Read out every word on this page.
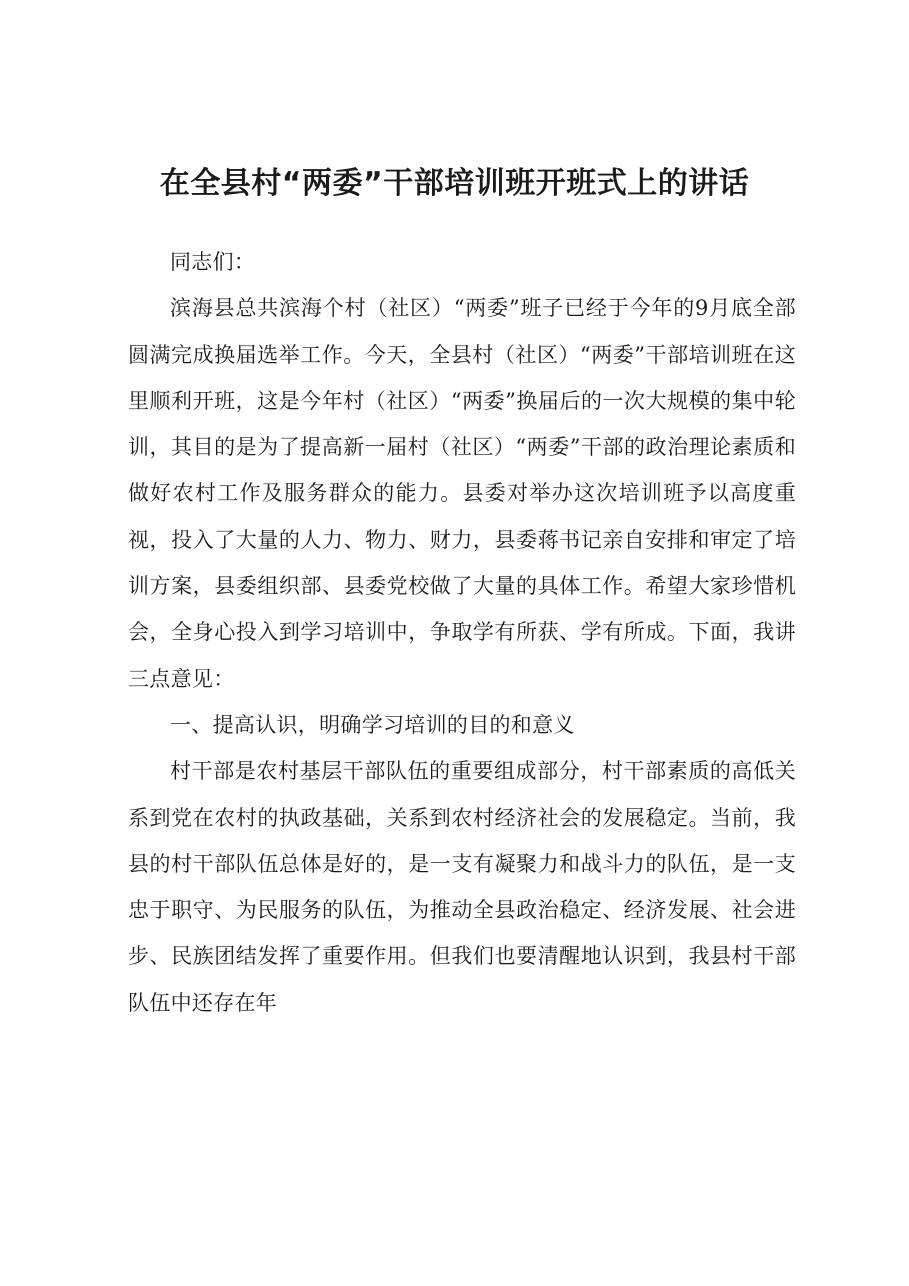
在全县村“两委”干部培训班开班式上的讲话

同志们：

滨海县总共滨海个村（社区）“两委”班子已经于今年的9月底全部圆满完成换届选举工作。今天，全县村（社区）“两委”干部培训班在这里顺利开班，这是今年村（社区）“两委”换届后的一次大规模的集中轮训，其目的是为了提高新一届村（社区）“两委”干部的政治理论素质和做好农村工作及服务群众的能力。县委对举办这次培训班予以高度重视，投入了大量的人力、物力、财力，县委蒋书记亲自安排和审定了培训方案，县委组织部、县委党校做了大量的具体工作。希望大家珍惜机会，全身心投入到学习培训中，争取学有所获、学有所成。下面，我讲三点意见：

一、提高认识，明确学习培训的目的和意义

村干部是农村基层干部队伍的重要组成部分，村干部素质的高低关系到党在农村的执政基础，关系到农村经济社会的发展稳定。当前，我县的村干部队伍总体是好的，是一支有凝聚力和战斗力的队伍，是一支忠于职守、为民服务的队伍，为推动全县政治稳定、经济发展、社会进步、民族团结发挥了重要作用。但我们也要清醒地认识到，我县村干部队伍中还存在年
